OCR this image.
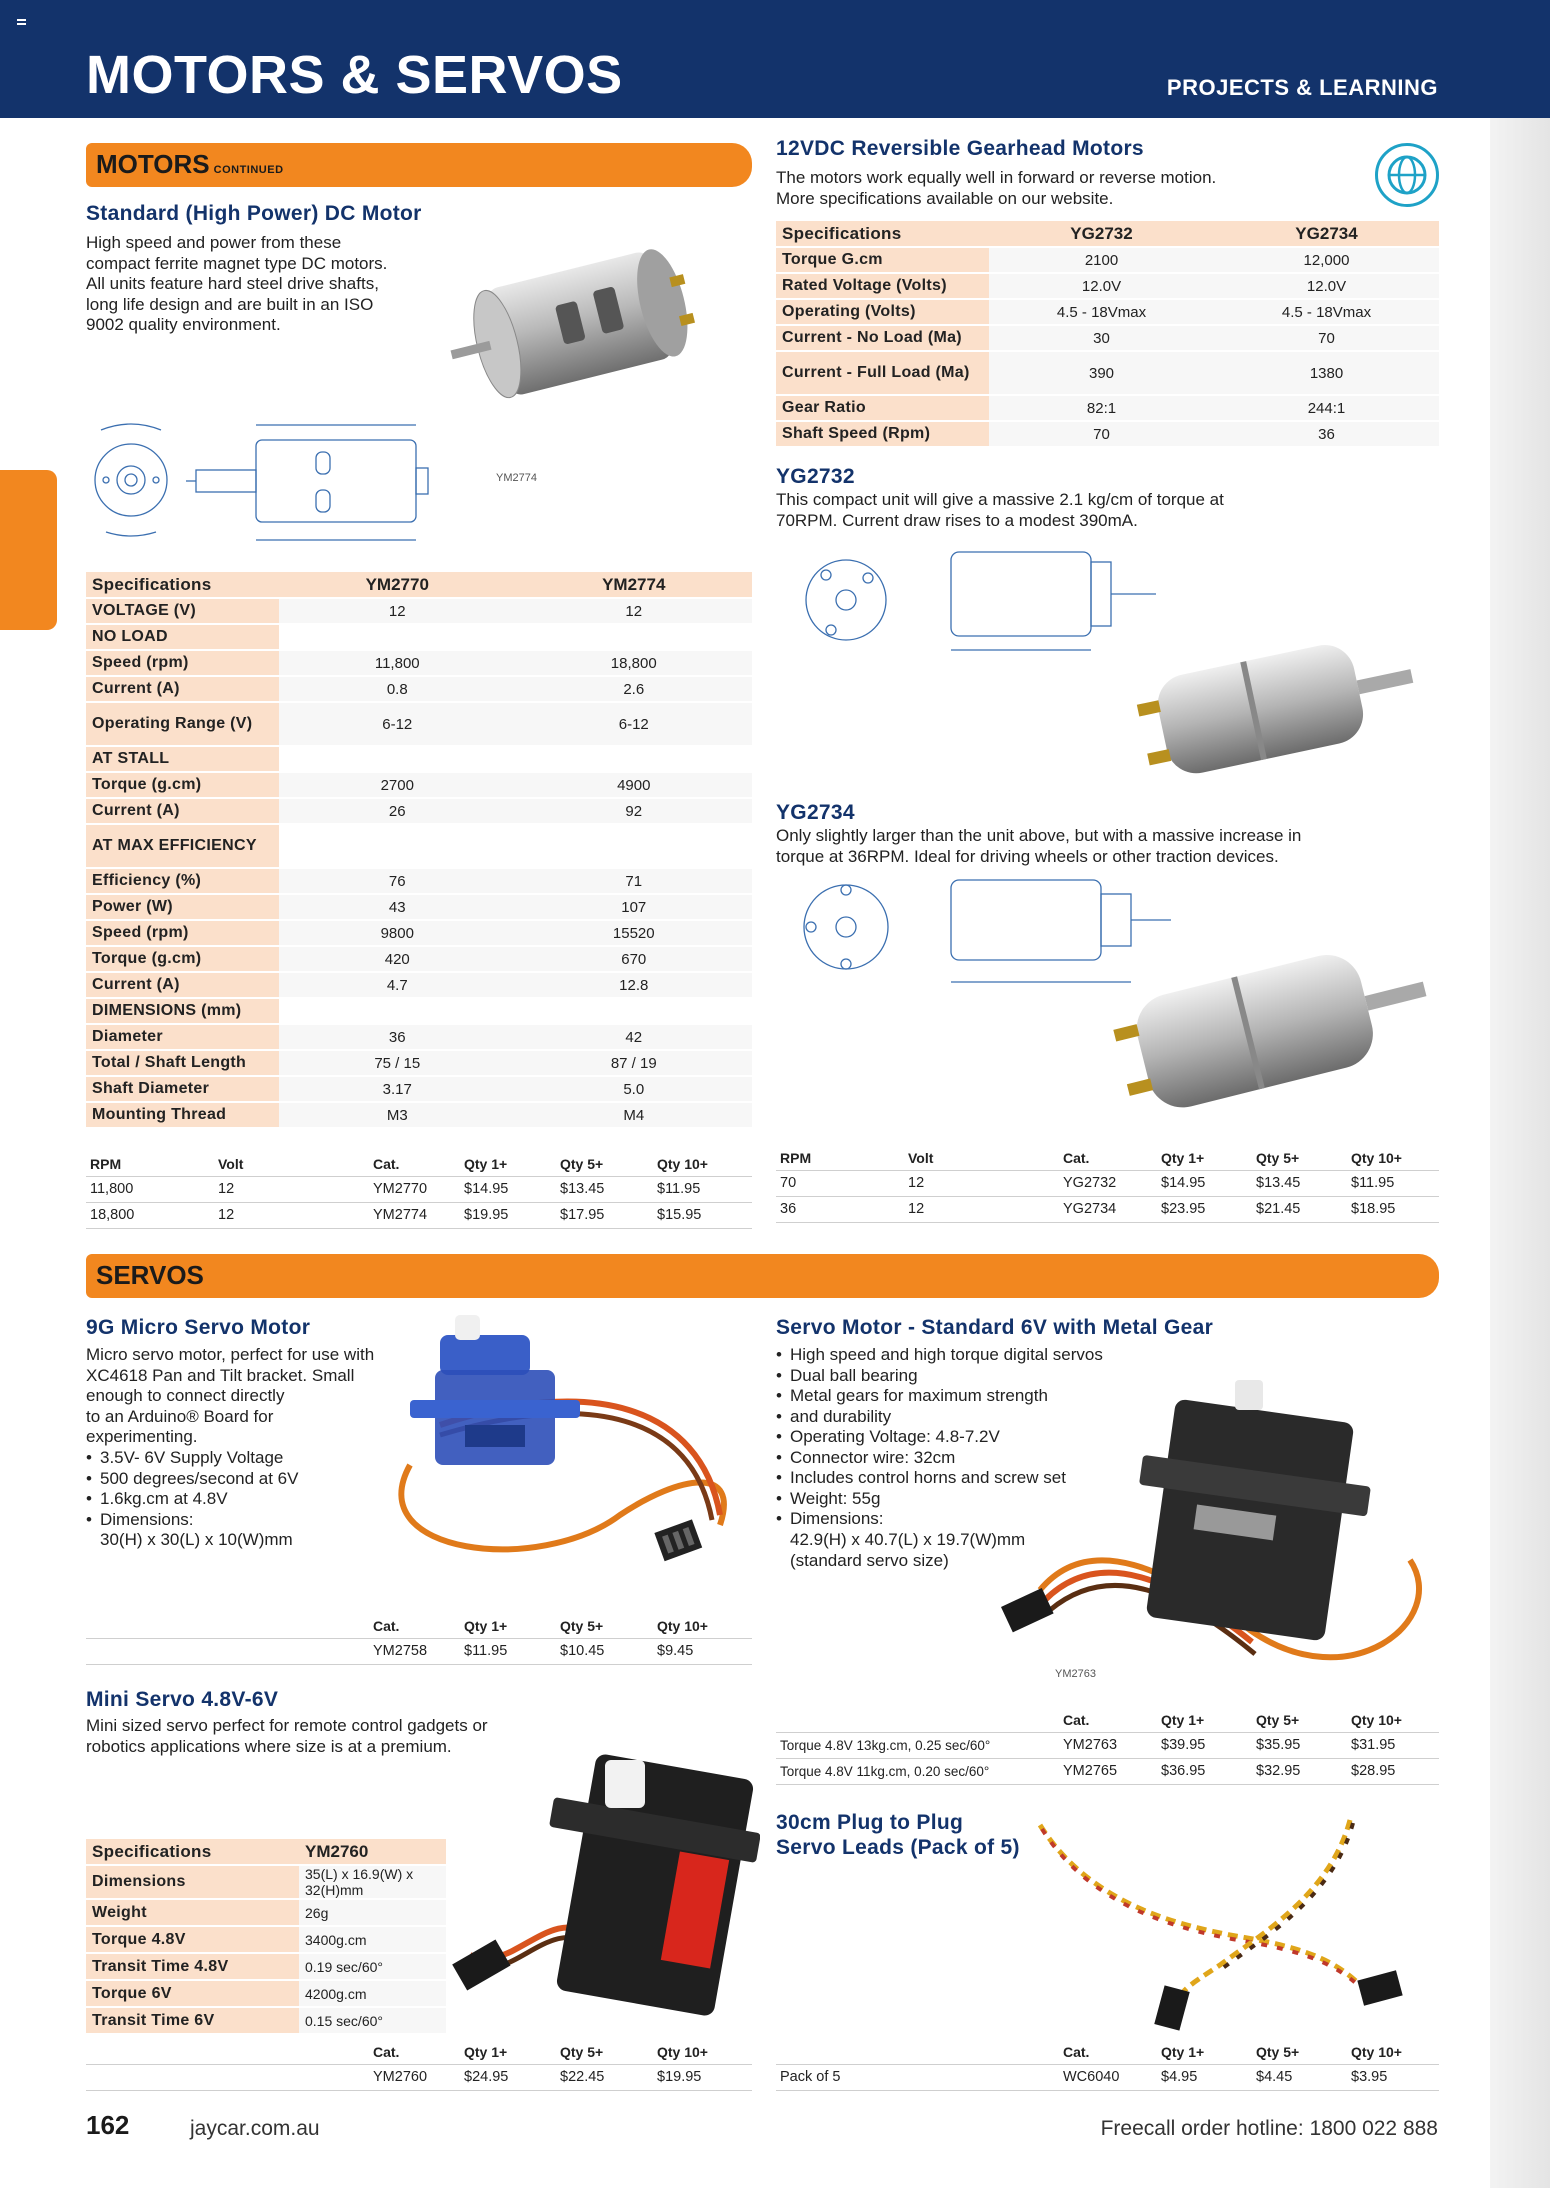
MOTORS & SERVOS	PROJECTS & LEARNING
MOTORS CONTINUED
Standard (High Power) DC Motor
High speed and power from these
compact ferrite magnet type DC motors.
All units feature hard steel drive shafts,
long life design and are built in an ISO
9002 quality environment.
YM2774
Specifications	YM2770	YM2774
VOLTAGE (V)	12	12
NO LOAD		
Speed (rpm)	11,800	18,800
Current (A)	0.8	2.6
Operating Range (V)	6-12	6-12
AT STALL		
Torque (g.cm)	2700	4900
Current (A)	26	92
AT MAX EFFICIENCY		
Efficiency (%)	76	71
Power (W)	43	107
Speed (rpm)	9800	15520
Torque (g.cm)	420	670
Current (A)	4.7	12.8
DIMENSIONS (mm)		
Diameter	36	42
Total / Shaft Length	75 / 15	87 / 19
Shaft Diameter	3.17	5.0
Mounting Thread	M3	M4
RPM	Volt	Cat.	Qty 1+	Qty 5+	Qty 10+
11,800	12	YM2770	$14.95	$13.45	$11.95
18,800	12	YM2774	$19.95	$17.95	$15.95
12VDC Reversible Gearhead Motors
The motors work equally well in forward or reverse motion.
More specifications available on our website.
Specifications	YG2732	YG2734
Torque G.cm	2100	12,000
Rated Voltage (Volts)	12.0V	12.0V
Operating (Volts)	4.5 - 18Vmax	4.5 - 18Vmax
Current - No Load (Ma)	30	70
Current - Full Load (Ma)	390	1380
Gear Ratio	82:1	244:1
Shaft Speed (Rpm)	70	36
YG2732
This compact unit will give a massive 2.1 kg/cm of torque at
70RPM. Current draw rises to a modest 390mA.
YG2734
Only slightly larger than the unit above, but with a massive increase in
torque at 36RPM. Ideal for driving wheels or other traction devices.
RPM	Volt	Cat.	Qty 1+	Qty 5+	Qty 10+
70	12	YG2732	$14.95	$13.45	$11.95
36	12	YG2734	$23.95	$21.45	$18.95
SERVOS
9G Micro Servo Motor
Micro servo motor, perfect for use with
XC4618 Pan and Tilt bracket. Small
enough to connect directly
to an Arduino® Board for
experimenting.
• 3.5V- 6V Supply Voltage
• 500 degrees/second at 6V
• 1.6kg.cm at 4.8V
• Dimensions:
30(H) x 30(L) x 10(W)mm
	Cat.	Qty 1+	Qty 5+	Qty 10+
	YM2758	$11.95	$10.45	$9.45
Servo Motor - Standard 6V with Metal Gear
• High speed and high torque digital servos
• Dual ball bearing
• Metal gears for maximum strength
• and durability
• Operating Voltage: 4.8-7.2V
• Connector wire: 32cm
• Includes control horns and screw set
• Weight: 55g
• Dimensions:
42.9(H) x 40.7(L) x 19.7(W)mm
(standard servo size)
YM2763
	Cat.	Qty 1+	Qty 5+	Qty 10+
Torque 4.8V 13kg.cm, 0.25 sec/60°	YM2763	$39.95	$35.95	$31.95
Torque 4.8V 11kg.cm, 0.20 sec/60°	YM2765	$36.95	$32.95	$28.95
Mini Servo 4.8V-6V
Mini sized servo perfect for remote control gadgets or
robotics applications where size is at a premium.
Specifications	YM2760
Dimensions	35(L) x 16.9(W) x 32(H)mm
Weight	26g
Torque 4.8V	3400g.cm
Transit Time 4.8V	0.19 sec/60°
Torque 6V	4200g.cm
Transit Time 6V	0.15 sec/60°
	Cat.	Qty 1+	Qty 5+	Qty 10+
	YM2760	$24.95	$22.45	$19.95
30cm Plug to Plug
Servo Leads (Pack of 5)
	Cat.	Qty 1+	Qty 5+	Qty 10+
Pack of 5	WC6040	$4.95	$4.45	$3.95
162	jaycar.com.au	Freecall order hotline: 1800 022 888
